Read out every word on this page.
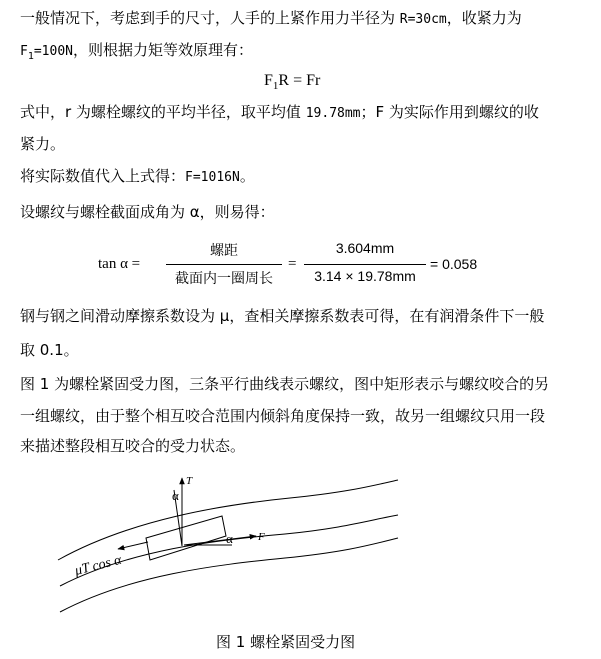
一般情况下，考虑到手的尺寸，人手的上紧作用力半径为 R=30cm，收紧力为
$F_1=100N$，则根据力矩等效原理有：
$F_1R = Fr$
式中，r 为螺栓螺纹的平均半径，取平均值 19.78mm；F 为实际作用到螺纹的收
紧力。
将实际数值代入上式得：F=1016N。
设螺纹与螺栓截面成角为 α，则易得：
tan α =
螺距
截面内一圈周长
=
3.604mm
3.14 × 19.78mm
= 0.058
钢与钢之间滑动摩擦系数设为 μ，查相关摩擦系数表可得，在有润滑条件下一般
取 0.1。
图 1 为螺栓紧固受力图，三条平行曲线表示螺纹，图中矩形表示与螺纹咬合的另
一组螺纹，由于整个相互咬合范围内倾斜角度保持一致，故另一组螺纹只用一段
来描述整段相互咬合的受力状态。
T
α
α F
μT cos α
图 1 螺栓紧固受力图
